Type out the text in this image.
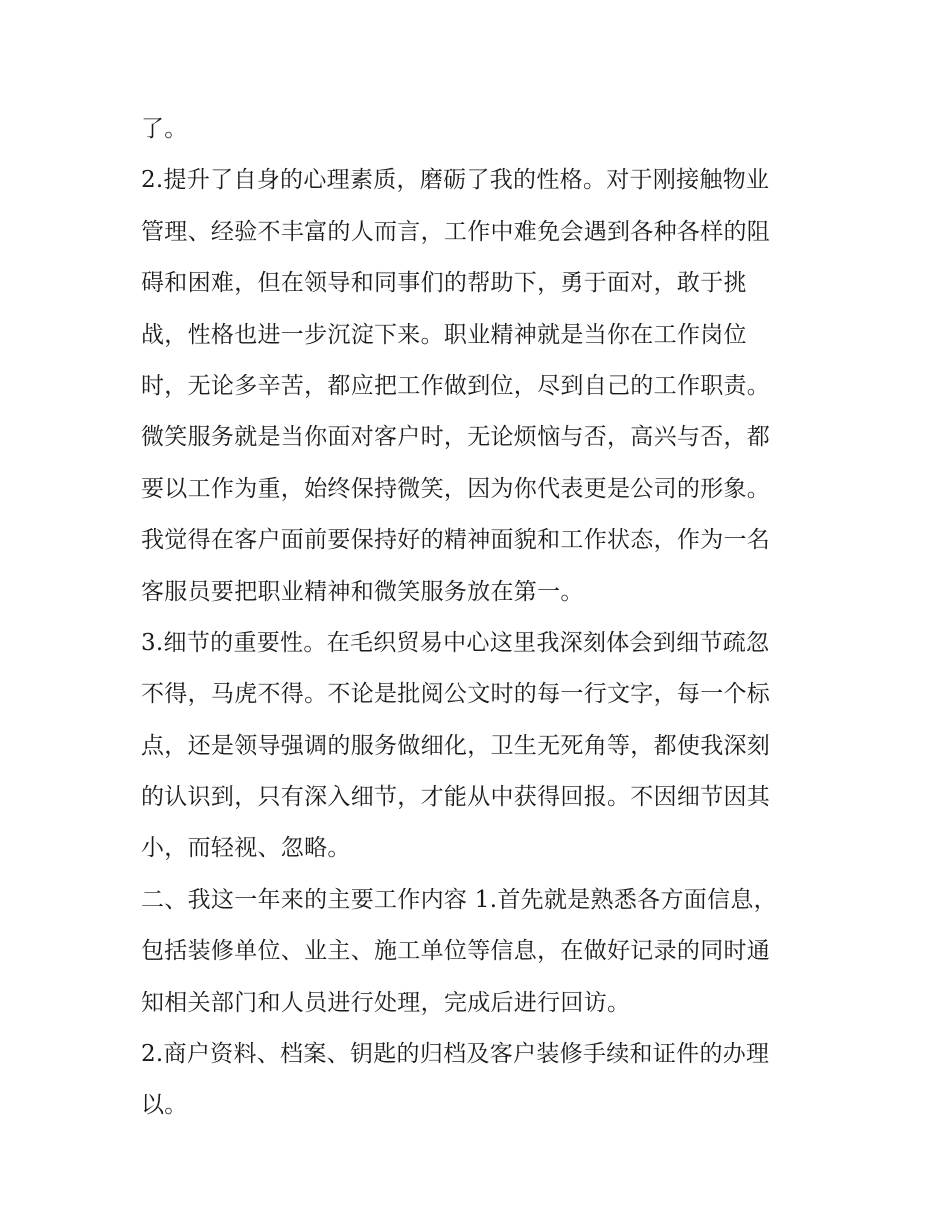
了。
2.提升了自身的心理素质，磨砺了我的性格。对于刚接触物业
管理、经验不丰富的人而言，工作中难免会遇到各种各样的阻
碍和困难，但在领导和同事们的帮助下，勇于面对，敢于挑
战，性格也进一步沉淀下来。职业精神就是当你在工作岗位
时，无论多辛苦，都应把工作做到位，尽到自己的工作职责。
微笑服务就是当你面对客户时，无论烦恼与否，高兴与否，都
要以工作为重，始终保持微笑，因为你代表更是公司的形象。
我觉得在客户面前要保持好的精神面貌和工作状态，作为一名
客服员要把职业精神和微笑服务放在第一。
3.细节的重要性。在毛织贸易中心这里我深刻体会到细节疏忽
不得，马虎不得。不论是批阅公文时的每一行文字，每一个标
点，还是领导强调的服务做细化，卫生无死角等，都使我深刻
的认识到，只有深入细节，才能从中获得回报。不因细节因其
小，而轻视、忽略。
二、我这一年来的主要工作内容 1.首先就是熟悉各方面信息，
包括装修单位、业主、施工单位等信息，在做好记录的同时通
知相关部门和人员进行处理，完成后进行回访。
2.商户资料、档案、钥匙的归档及客户装修手续和证件的办理
以。
